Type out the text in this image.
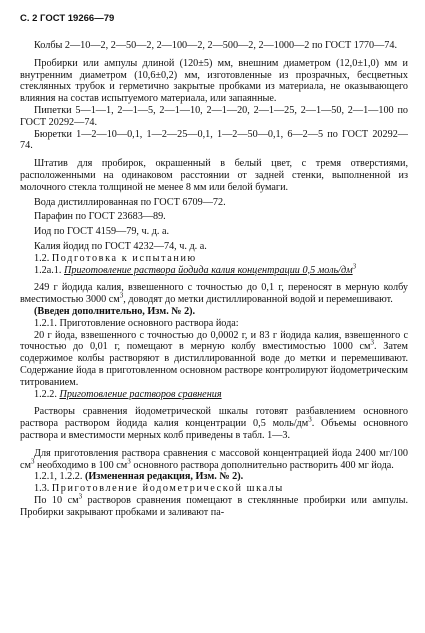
С. 2 ГОСТ 19266—79

Колбы 2—10—2, 2—50—2, 2—100—2, 2—500—2, 2—1000—2 по ГОСТ 1770—74.

Пробирки или ампулы длиной (120±5) мм, внешним диаметром (12,0±1,0) мм и внутренним диаметром (10,6±0,2) мм, изготовленные из прозрачных, бесцветных стеклянных трубок и герметично закрытые пробками из материала, не оказывающего влияния на состав испытуемого материала, или запаянные.

Пипетки 5—1—1, 2—1—5, 2—1—10, 2—1—20, 2—1—25, 2—1—50, 2—1—100 по ГОСТ 20292—74.

Бюретки 1—2—10—0,1, 1—2—25—0,1, 1—2—50—0,1, 6—2—5 по ГОСТ 20292—74.

Штатив для пробирок, окрашенный в белый цвет, с тремя отверстиями, расположенными на одинаковом расстоянии от задней стенки, выполненной из молочного стекла толщиной не менее 8 мм или белой бумаги.

Вода дистиллированная по ГОСТ 6709—72.

Парафин по ГОСТ 23683—89.

Иод по ГОСТ 4159—79, ч. д. а.

Калия йодид по ГОСТ 4232—74, ч. д. а.

1.2. Подготовка к испытанию

1.2а.1. Приготовление раствора йодида калия концентрации 0,5 моль/$дм^3$

249 г йодида калия, взвешенного с точностью до 0,1 г, переносят в мерную колбу вместимостью 3000 $см^3$, доводят до метки дистиллированной водой и перемешивают.

(Введен дополнительно, Изм. № 2).

1.2.1. Приготовление основного раствора йода:

20 г йода, взвешенного с точностью до 0,0002 г, и 83 г йодида калия, взвешенного с точностью до 0,01 г, помещают в мерную колбу вместимостью 1000 $см^3$. Затем содержимое колбы растворяют в дистиллированной воде до метки и перемешивают. Содержание йода в приготовленном основном растворе контролируют йодометрическим титрованием.

1.2.2. Приготовление растворов сравнения

Растворы сравнения йодометрической шкалы готовят разбавлением основного раствора раствором йодида калия концентрации 0,5 моль/$дм^3$. Объемы основного раствора и вместимости мерных колб приведены в табл. 1—3.

Для приготовления раствора сравнения с массовой концентрацией йода 2400 мг/100 $см^3$ необходимо в 100 $см^3$ основного раствора дополнительно растворить 400 мг йода.

1.2.1, 1.2.2. (Измененная редакция, Изм. № 2).

1.3. Приготовление йодометрической шкалы

По 10 $см^3$ растворов сравнения помещают в стеклянные пробирки или ампулы. Пробирки закрывают пробками и заливают па-
